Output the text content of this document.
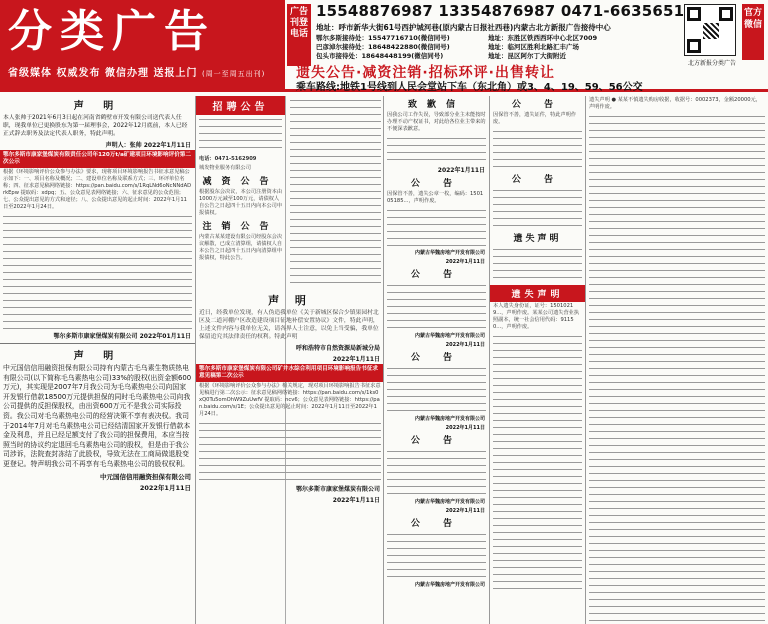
分类广告
省级媒体 权威发布 微信办理 送报上门 (周一至周五出刊)
广告刊登电话
15548876987 13354876987 0471-6635651
地址：呼市新华大街61号西护城河巷(原内蒙古日报社西巷)内蒙古北方新报广告接待中心
鄂尔多斯接待处：15547716710(微信同号)
巴彦淖尔接待处：18648422880(微信同号)
包头市接待处：18648448199(微信同号)
地址：东胜区铁西西环中心北区7009
地址：临河区胜利北路汇丰广场
地址：昆区阿尔丁大街附近
北方新报分类广告
官方微信
遗失公告·减资注销·招标环评·出售转让
乘车路线:地铁1号线到人民会堂站下车（东北角）或3、4、19、59、56公交
声 明
本人张帅于2021年6月3日起在河南省鹤壁市开发有限公司送代表人任职，现我单位已更换股东为第一届理事会，2022年12月底前，本人已经正式辞去职务及法定代表人职务，特此声明。
声明人：张帅 2022年1月11日
鄂尔多斯市康家堡煤炭有限责任公司年120万t/a矿建项目环境影响评价第二次公示
根据《环境影响评价公众参与办法》要求，现将项目环境影响报告书征求意见稿公示如下：一、项目名称及概况；二、建设单位名称及联系方式；三、环评单位名称；四、征求意见稿网络链接：https://pan.baidu.com/s/1RqLNd6oNcNNdADrkEpw 提取码：xdpq；五、公众意见表网络链接；六、征求意见的公众范围；七、公众提出意见的方式和途径；八、公众提出意见的起止时间：2022年1月11日至2022年1月24日。
鄂尔多斯市康家堡煤炭有限公司 2022年01月11日
声 明
中元国信信用融资担保有限公司持有内蒙古毛乌素生物质热电有限公司(以下简称毛乌素热电公司)33%的股权(出资金额600万元)，其实现是2007年7月我公司为毛乌素热电公司向国家开发银行借款18500万元提供担保的同时毛乌素热电公司向我公司提供的反担保股权，由出资600万元不是我公司实际投资。我公司对毛乌素热电公司的经营决策不享有表决权。我司于2014年7月对毛乌素热电公司已经结清国家开发银行借款本金及利息，并且已经足额支付了我公司的担保费用，本应当按照当时的协议约定退回毛乌素热电公司的股权，但是由于我公司涉诉，法院查封冻结了此股权，导致无法在工商局做退股变更登记。特声明我公司不再享有毛乌素热电公司的股权权利。
中元国信信用融资担保有限公司
2022年1月11日
招聘公告
电话：0471-5162909
城发物业服务有限公司
减资公告
根据股东会决议，本公司注册资本由1000万元减至100万元，请债权人自公告之日起四十五日内向本公司申报债权。
注销公告
内蒙古某某建设有限公司经股东会决议解散，已成立清算组，请债权人自本公告之日起四十五日内向清算组申报债权，特此公告。
声 明
近日，经我单位发现，有人伪造我单位《关于新城区保合少镇果园村北区及二道河棚户区改造建设项目征地补偿安置协议》文件，特此声明，上述文件内容与我单位无关，请各界人士注意，以免上当受骗，我单位保留追究其法律责任的权利。特此声明
呼和浩特市自然资源局新城分局
2022年1月11日
鄂尔多斯市康家堡煤炭有限公司矿井水综合利用项目环境影响报告书征求意见稿第二次公示
根据《环境影响评价公众参与办法》相关规定，现对项目环境影响报告书征求意见稿进行第二次公示：征求意见稿网络链接：https://pan.baidu.com/s/1ks0xQ0Tu5omOhW9ZuUwfV 提取码：ncv6；公众意见表网络链接：https://pan.baidu.com/s/1E；公众提出意见的起止时间：2022年1月11日至2022年1月24日。
鄂尔多斯市康家堡煤炭有限公司
2022年1月11日
致歉信
因我公司工作失误，导致部分业主未能按时办理不动产权证书，对此给各位业主带来的不便深表歉意。
2022年1月11日
公 告
因保管不善，遗失公章一枚，编码：150105185...，声明作废。
内蒙古华魏房地产开发有限公司
2022年1月11日
公 告
内蒙古华魏房地产开发有限公司
2022年1月11日
公 告
内蒙古华魏房地产开发有限公司
2022年1月11日
公 告
内蒙古华魏房地产开发有限公司
2022年1月11日
公 告
内蒙古华魏房地产开发有限公司
公 告
因保管不善，遗失证件，特此声明作废。
公 告
遗失声明
遗失声明
本人遗失身份证，证号：15010219...，声明作废。某某公司遗失营业执照副本，统一社会信用代码：91150...，声明作废。
遗失声明 ● 某某不慎遗失购房收据，收据号：0002373，金额20000元，声明作废。
